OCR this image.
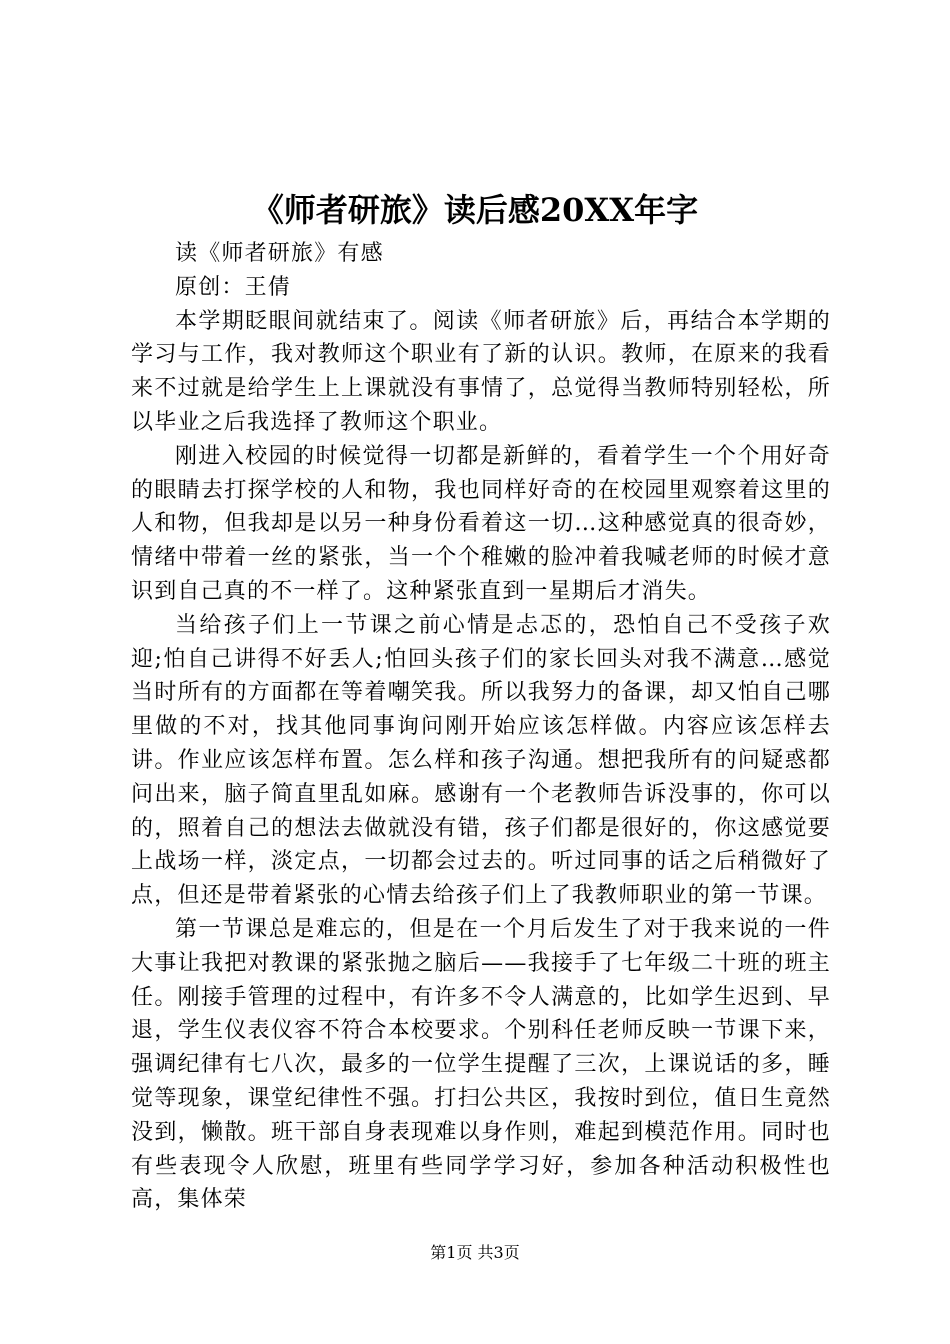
《师者研旅》读后感20XX年字

读《师者研旅》有感

原创：王倩

本学期眨眼间就结束了。阅读《师者研旅》后，再结合本学期的学习与工作，我对教师这个职业有了新的认识。教师，在原来的我看来不过就是给学生上上课就没有事情了，总觉得当教师特别轻松，所以毕业之后我选择了教师这个职业。

刚进入校园的时候觉得一切都是新鲜的，看着学生一个个用好奇的眼睛去打探学校的人和物，我也同样好奇的在校园里观察着这里的人和物，但我却是以另一种身份看着这一切…这种感觉真的很奇妙，情绪中带着一丝的紧张，当一个个稚嫩的脸冲着我喊老师的时候才意识到自己真的不一样了。这种紧张直到一星期后才消失。

当给孩子们上一节课之前心情是忐忑的，恐怕自己不受孩子欢迎;怕自己讲得不好丢人;怕回头孩子们的家长回头对我不满意…感觉当时所有的方面都在等着嘲笑我。所以我努力的备课，却又怕自己哪里做的不对，找其他同事询问刚开始应该怎样做。内容应该怎样去讲。作业应该怎样布置。怎么样和孩子沟通。想把我所有的问疑惑都问出来，脑子简直里乱如麻。感谢有一个老教师告诉没事的，你可以的，照着自己的想法去做就没有错，孩子们都是很好的，你这感觉要上战场一样，淡定点，一切都会过去的。听过同事的话之后稍微好了点，但还是带着紧张的心情去给孩子们上了我教师职业的第一节课。

第一节课总是难忘的，但是在一个月后发生了对于我来说的一件大事让我把对教课的紧张抛之脑后——我接手了七年级二十班的班主任。刚接手管理的过程中，有许多不令人满意的，比如学生迟到、早退，学生仪表仪容不符合本校要求。个别科任老师反映一节课下来，强调纪律有七八次，最多的一位学生提醒了三次，上课说话的多，睡觉等现象，课堂纪律性不强。打扫公共区，我按时到位，值日生竟然没到，懒散。班干部自身表现难以身作则，难起到模范作用。同时也有些表现令人欣慰，班里有些同学学习好，参加各种活动积极性也高，集体荣

第1页 共3页
